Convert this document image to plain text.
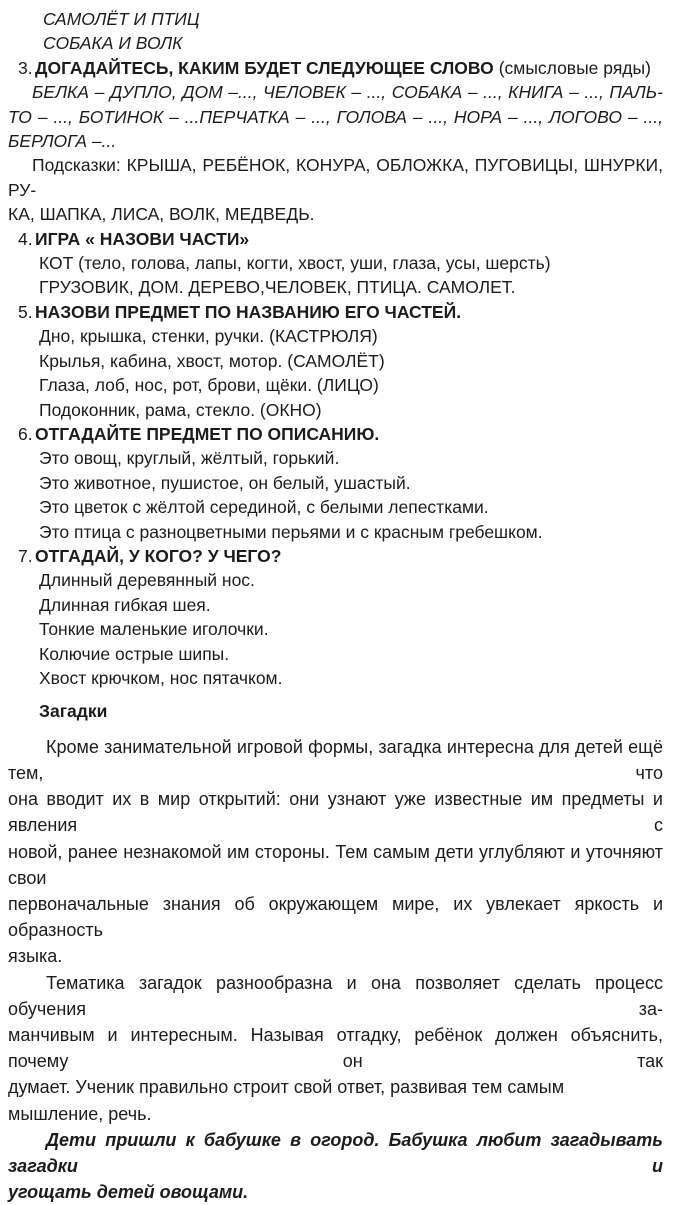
САМОЛЁТ И ПТИЦ
СОБАКА И ВОЛК
3. ДОГАДАЙТЕСЬ, КАКИМ БУДЕТ СЛЕДУЮЩЕЕ СЛОВО (смысловые ряды)
БЕЛКА – ДУПЛО, ДОМ –..., ЧЕЛОВЕК – ..., СОБАКА – ..., КНИГА – ..., ПАЛЬ-
ТО – ..., БОТИНОК – ...ПЕРЧАТКА – ..., ГОЛОВА – ..., НОРА – ..., ЛОГОВО – ...,
БЕРЛОГА –...
Подсказки: КРЫША, РЕБЁНОК, КОНУРА, ОБЛОЖКА, ПУГОВИЦЫ, ШНУРКИ, РУ-
КА, ШАПКА, ЛИСА, ВОЛК, МЕДВЕДЬ.
4. ИГРА « НАЗОВИ ЧАСТИ»
КОТ (тело, голова, лапы, когти, хвост, уши, глаза, усы, шерсть)
ГРУЗОВИК, ДОМ. ДЕРЕВО,ЧЕЛОВЕК, ПТИЦА. САМОЛЕТ.
5. НАЗОВИ ПРЕДМЕТ ПО НАЗВАНИЮ ЕГО ЧАСТЕЙ.
Дно, крышка, стенки, ручки. (КАСТРЮЛЯ)
Крылья, кабина, хвост, мотор. (САМОЛЁТ)
Глаза, лоб, нос, рот, брови, щёки. (ЛИЦО)
Подоконник, рама, стекло. (ОКНО)
6. ОТГАДАЙТЕ ПРЕДМЕТ ПО ОПИСАНИЮ.
Это овощ, круглый, жёлтый, горький.
Это животное, пушистое, он белый, ушастый.
Это цветок с жёлтой серединой, с белыми лепестками.
Это птица с разноцветными перьями и с красным гребешком.
7. ОТГАДАЙ, У КОГО? У ЧЕГО?
Длинный деревянный нос.
Длинная гибкая шея.
Тонкие маленькие иголочки.
Колючие острые шипы.
Хвост крючком, нос пятачком.
Загадки
Кроме занимательной игровой формы, загадка интересна для детей ещё тем, что
она вводит их в мир открытий: они узнают уже известные им предметы и явления с
новой, ранее незнакомой им стороны. Тем самым дети углубляют и уточняют свои
первоначальные знания об окружающем мире, их увлекает яркость и образность
языка.
Тематика загадок разнообразна и она позволяет сделать процесс обучения за-
манчивым и интересным. Называя отгадку, ребёнок должен объяснить, почему он так
думает. Ученик правильно строит свой ответ, развивая тем самым мышление, речь.
Дети пришли к бабушке в огород. Бабушка любит загадывать загадки и
угощать детей овощами.
